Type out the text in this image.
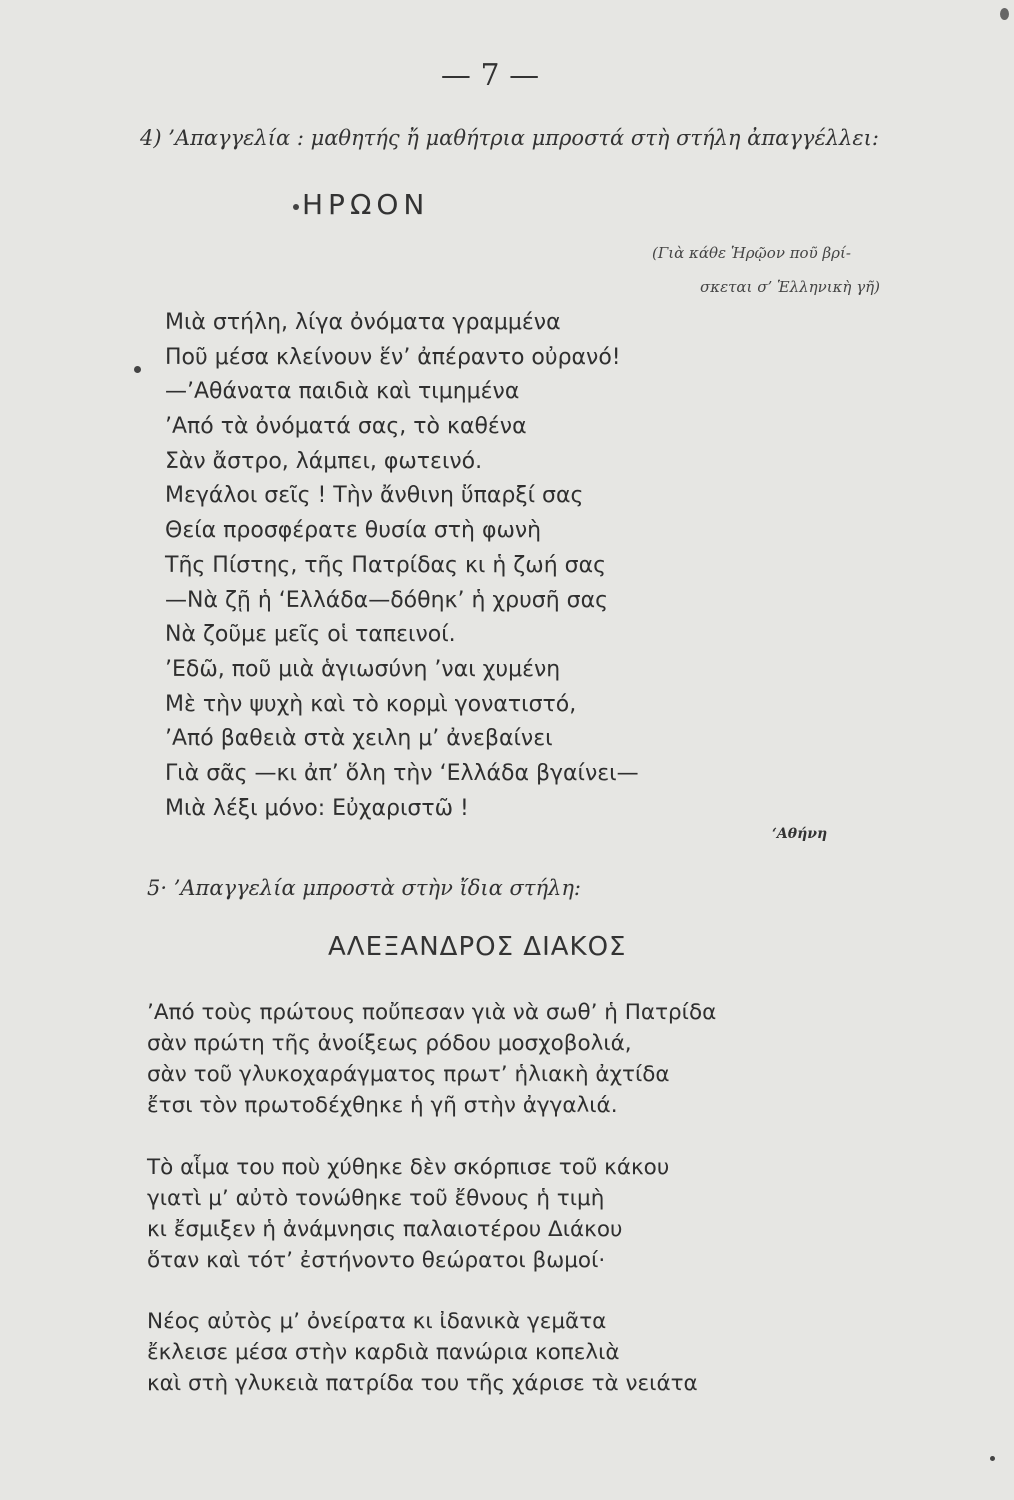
— 7 —
4) ’Απαγγελία : μαθητής ἤ μαθήτρια μπροστά στὴ στήλη ἀπαγγέλλει:
ΗΡΩΟΝ
(Γιὰ κάθε Ἡρῷον ποῦ βρί-
σκεται σ’ Ἑλληνικὴ γῆ)
Μιὰ στήλη, λίγα ὀνόματα γραμμένα
Ποῦ μέσα κλείνουν ἕν’ ἀπέραντο οὐρανό!
—’Αθάνατα παιδιὰ καὶ τιμημένα
’Από τὰ ὀνόματά σας, τὸ καθένα
Σὰν ἄστρο, λάμπει, φωτεινό.
Μεγάλοι σεῖς ! Τὴν ἄνθινη ὕπαρξί σας
Θεία προσφέρατε θυσία στὴ φωνὴ
Τῆς Πίστης, τῆς Πατρίδας κι ἡ ζωή σας
—Νὰ ζῇ ἡ ‘Ελλάδα—δόθηκ’ ἡ χρυσῆ σας
Νὰ ζοῦμε μεῖς οἱ ταπεινοί.
’Εδῶ, ποῦ μιὰ ἁγιωσύνη ’ναι χυμένη
Μὲ τὴν ψυχὴ καὶ τὸ κορμὶ γονατιστό,
’Από βαθειὰ στὰ χειλη μ’ ἀνεβαίνει
Γιὰ σᾶς —κι ἀπ’ ὅλη τὴν ‘Ελλάδα βγαίνει—
Μιὰ λέξι μόνο: Εὐχαριστῶ !
‘Αθήνη
5· ’Απαγγελία μπροστὰ στὴν ἴδια στήλη:
ΑΛΕΞΑΝΔΡΟΣ ΔΙΑΚΟΣ
’Από τοὺς πρώτους ποὔπεσαν γιὰ νὰ σωθ’ ἡ Πατρίδα
σὰν πρώτη τῆς ἀνοίξεως ρόδου μοσχοβολιά,
σὰν τοῦ γλυκοχαράγματος πρωτ’ ἡλιακὴ ἀχτίδα
ἔτσι τὸν πρωτοδέχθηκε ἡ γῆ στὴν ἀγγαλιά.
Τὸ αἷμα του ποὺ χύθηκε δὲν σκόρπισε τοῦ κάκου
γιατὶ μ’ αὐτὸ τονώθηκε τοῦ ἔθνους ἡ τιμὴ
κι ἔσμιξεν ἡ ἀνάμνησις παλαιοτέρου Διάκου
ὅταν καὶ τότ’ ἐστήνοντο θεώρατοι βωμοί·
Νέος αὐτὸς μ’ ὀνείρατα κι ἰδανικὰ γεμᾶτα
ἔκλεισε μέσα στὴν καρδιὰ πανώρια κοπελιὰ
καὶ στὴ γλυκειὰ πατρίδα του τῆς χάρισε τὰ νειάτα
